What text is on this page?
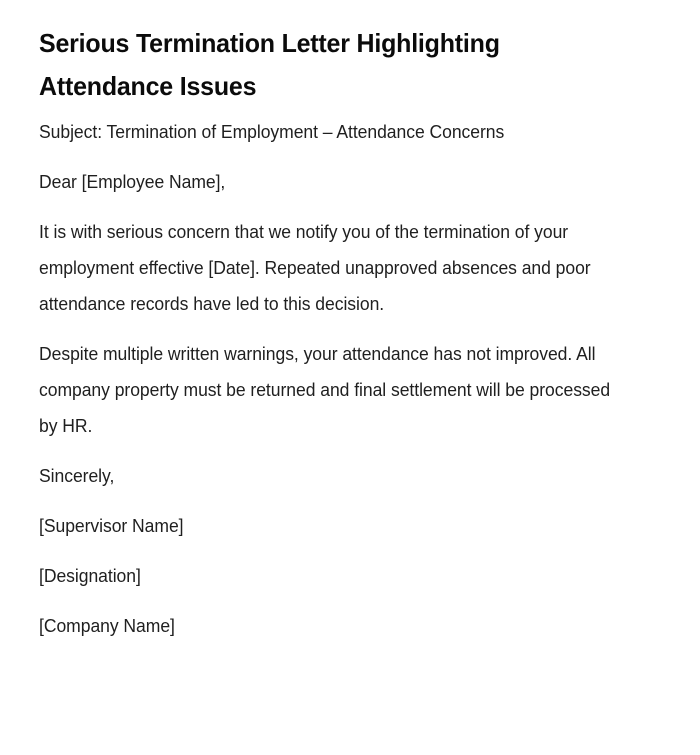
Serious Termination Letter Highlighting Attendance Issues

Subject: Termination of Employment – Attendance Concerns

Dear [Employee Name],

It is with serious concern that we notify you of the termination of your employment effective [Date]. Repeated unapproved absences and poor attendance records have led to this decision.

Despite multiple written warnings, your attendance has not improved. All company property must be returned and final settlement will be processed by HR.

Sincerely,

[Supervisor Name]

[Designation]

[Company Name]
